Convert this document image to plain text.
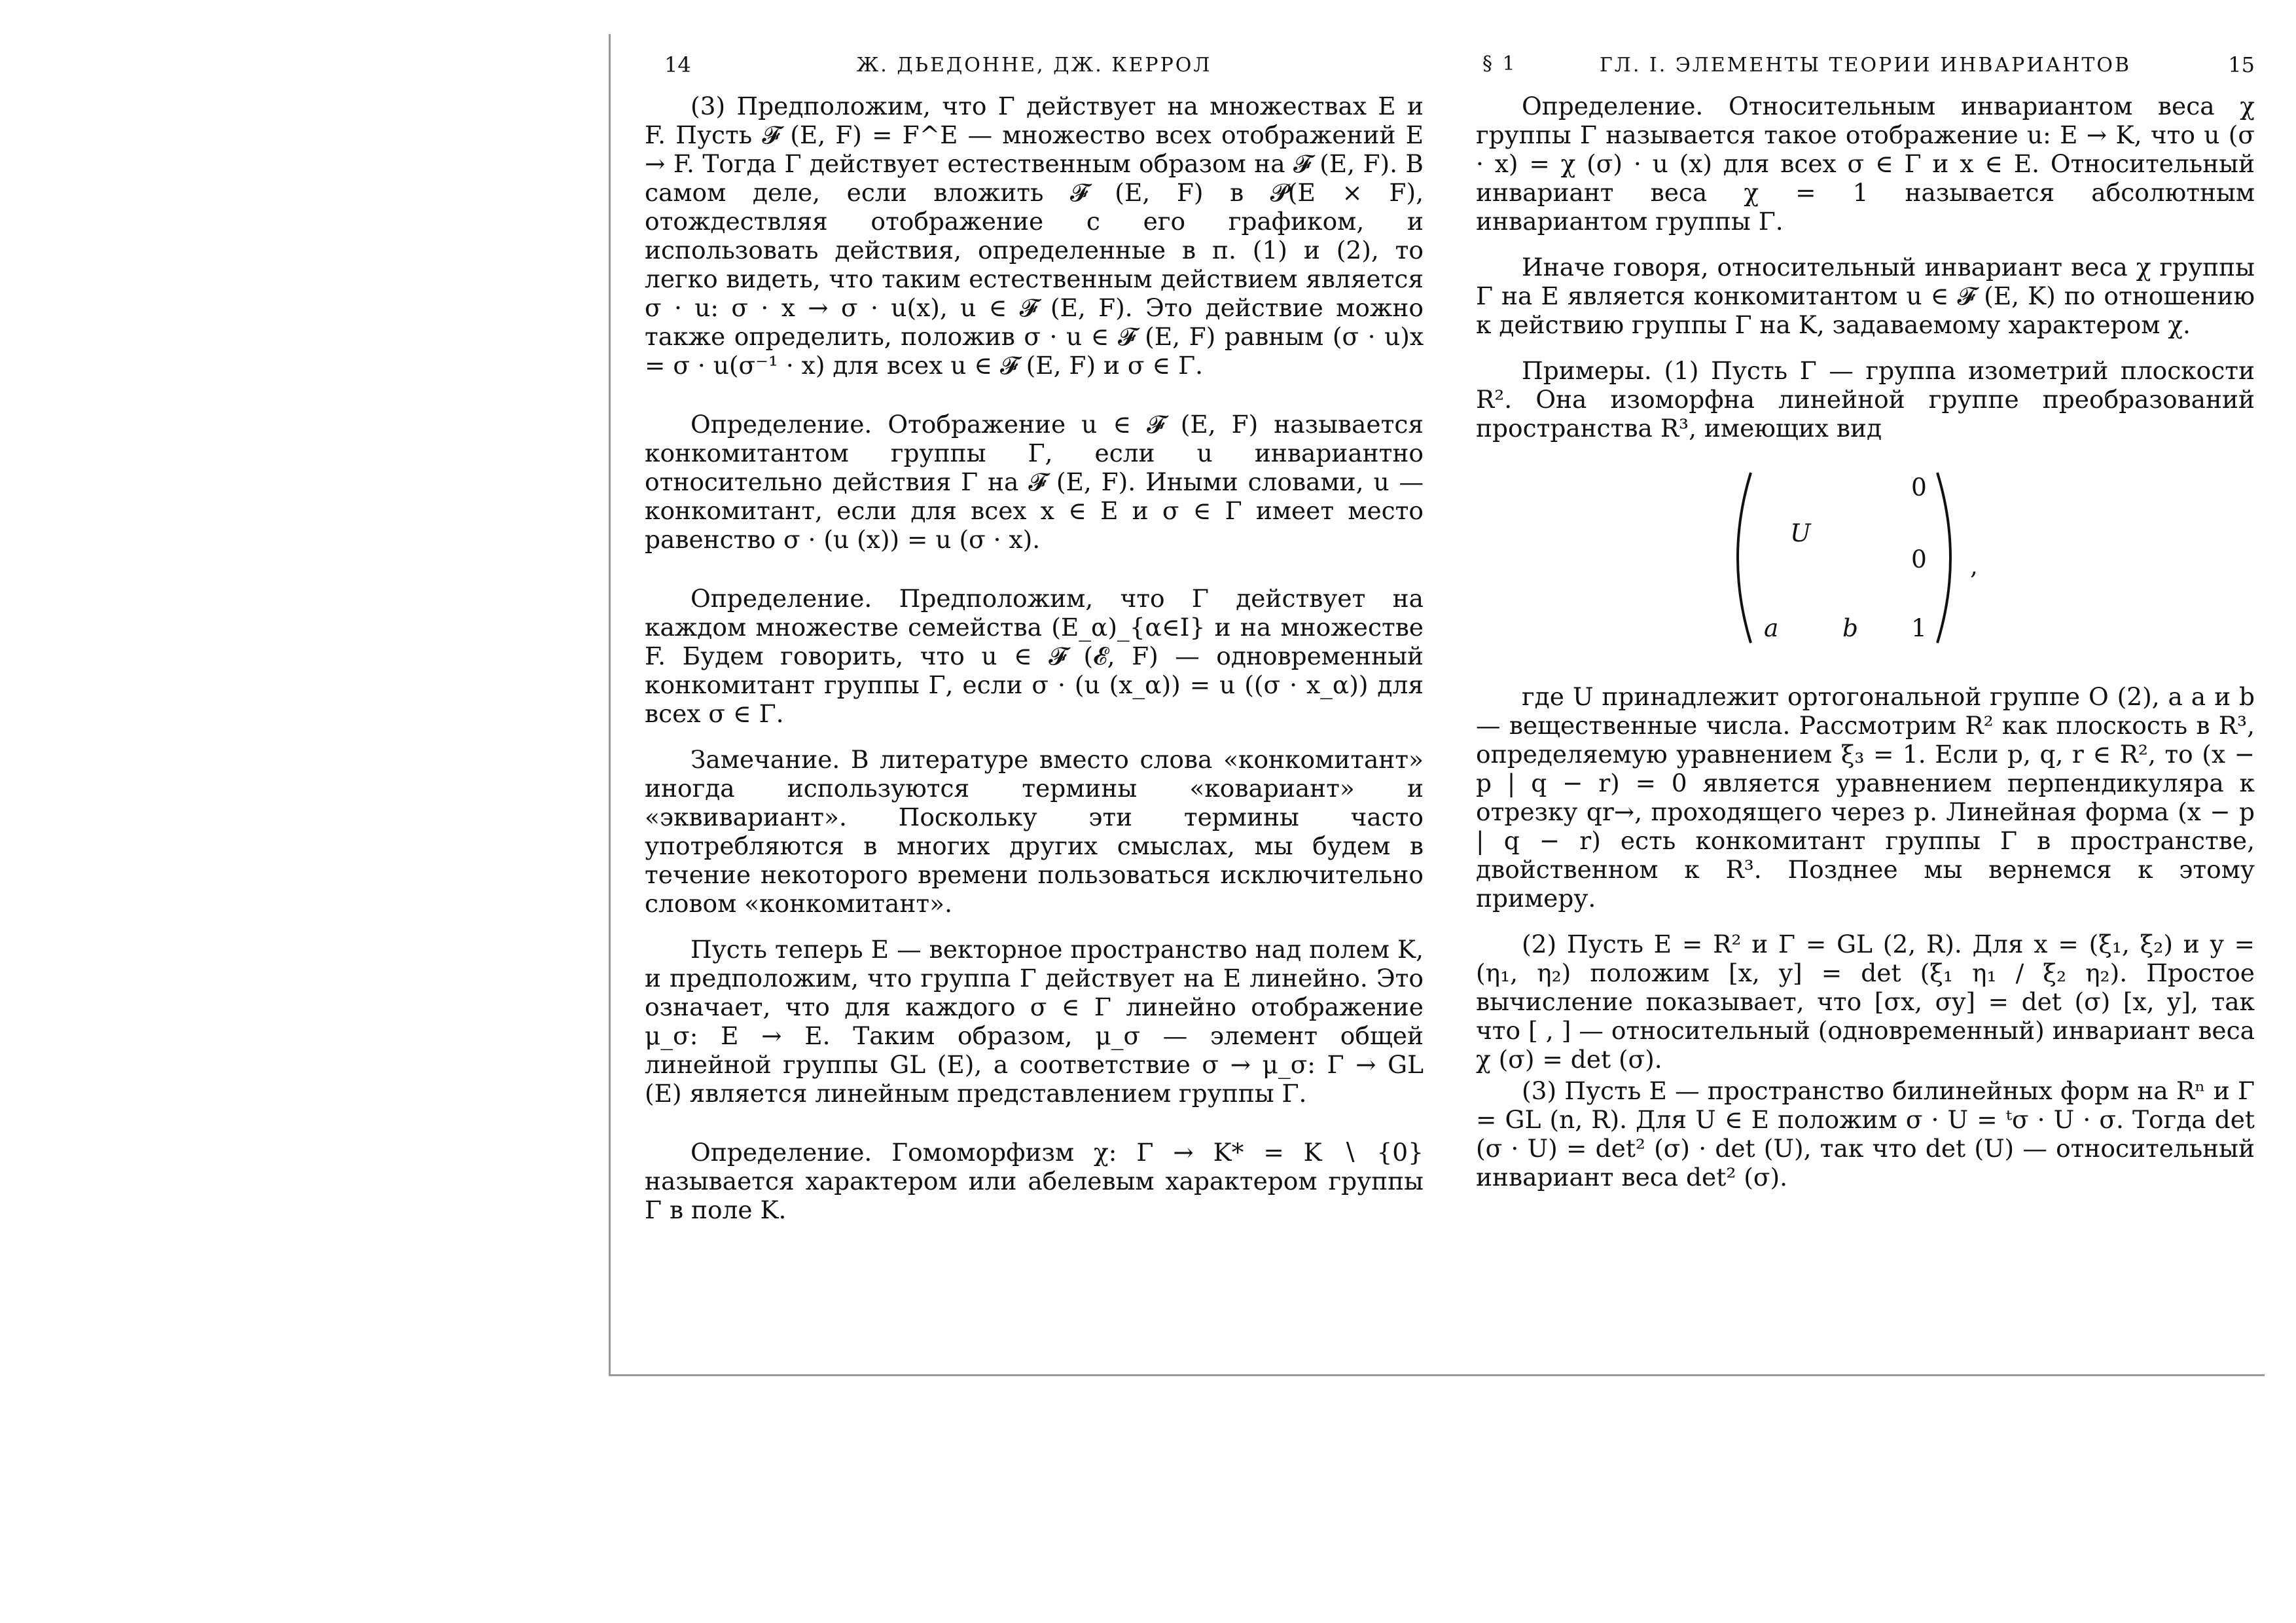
14	Ж. ДЬЕДОННЕ, ДЖ. КЕРРОЛ

(3) Предположим, что Γ действует на множествах E и F. Пусть 𝓕 (E, F) = F^E — множество всех отображений E → F. Тогда Γ действует естественным образом на 𝓕 (E, F). В самом деле, если вложить 𝓕 (E, F) в 𝓟(E × F), отождествляя отображение с его графиком, и использовать действия, определенные в п. (1) и (2), то легко видеть, что таким естественным действием является σ · u: σ · x → σ · u(x), u ∈ 𝓕 (E, F). Это действие можно также определить, положив σ · u ∈ 𝓕 (E, F) равным (σ · u)x = σ · u(σ⁻¹ · x) для всех u ∈ 𝓕 (E, F) и σ ∈ Γ.

Определение. Отображение u ∈ 𝓕 (E, F) называется конкомитантом группы Γ, если u инвариантно относительно действия Γ на 𝓕 (E, F). Иными словами, u — конкомитант, если для всех x ∈ E и σ ∈ Γ имеет место равенство σ · (u (x)) = u (σ · x).

Определение. Предположим, что Γ действует на каждом множестве семейства (E_α)_{α∈I} и на множестве F. Будем говорить, что u ∈ 𝓕 (𝓔, F) — одновременный конкомитант группы Γ, если σ · (u (x_α)) = u ((σ · x_α)) для всех σ ∈ Γ.

Замечание. В литературе вместо слова «конкомитант» иногда используются термины «ковариант» и «эквивариант». Поскольку эти термины часто употребляются в многих других смыслах, мы будем в течение некоторого времени пользоваться исключительно словом «конкомитант».

Пусть теперь E — векторное пространство над полем K, и предположим, что группа Γ действует на E линейно. Это означает, что для каждого σ ∈ Γ линейно отображение μ_σ: E → E. Таким образом, μ_σ — элемент общей линейной группы GL (E), а соответствие σ → μ_σ: Γ → GL (E) является линейным представлением группы Γ.

Определение. Гомоморфизм χ: Γ → K* = K ∖ {0} называется характером или абелевым характером группы Γ в поле K.

§ 1	ГЛ. I. ЭЛЕМЕНТЫ ТЕОРИИ ИНВАРИАНТОВ	15

Определение. Относительным инвариантом веса χ группы Γ называется такое отображение u: E → K, что u (σ · x) = χ (σ) · u (x) для всех σ ∈ Γ и x ∈ E. Относительный инвариант веса χ = 1 называется абсолютным инвариантом группы Γ.

Иначе говоря, относительный инвариант веса χ группы Γ на E является конкомитантом u ∈ 𝓕 (E, K) по отношению к действию группы Γ на K, задаваемому характером χ.

Примеры. (1) Пусть Γ — группа изометрий плоскости R². Она изоморфна линейной группе преобразований пространства R³, имеющих вид

U
0
0
a	b 1
,

где U принадлежит ортогональной группе O (2), а a и b — вещественные числа. Рассмотрим R² как плоскость в R³, определяемую уравнением ξ₃ = 1. Если p, q, r ∈ R², то (x − p | q − r) = 0 является уравнением перпендикуляра к отрезку qr→, проходящего через p. Линейная форма (x − p | q − r) есть конкомитант группы Γ в пространстве, двойственном к R³. Позднее мы вернемся к этому примеру.

(2) Пусть E = R² и Γ = GL (2, R). Для x = (ξ₁, ξ₂) и y = (η₁, η₂) положим [x, y] = det (ξ₁ η₁ / ξ₂ η₂). Простое вычисление показывает, что [σx, σy] = det (σ) [x, y], так что [ , ] — относительный (одновременный) инвариант веса χ (σ) = det (σ).

(3) Пусть E — пространство билинейных форм на Rⁿ и Γ = GL (n, R). Для U ∈ E положим σ · U = ᵗσ · U · σ. Тогда det (σ · U) = det² (σ) · det (U), так что det (U) — относительный инвариант веса det² (σ).
